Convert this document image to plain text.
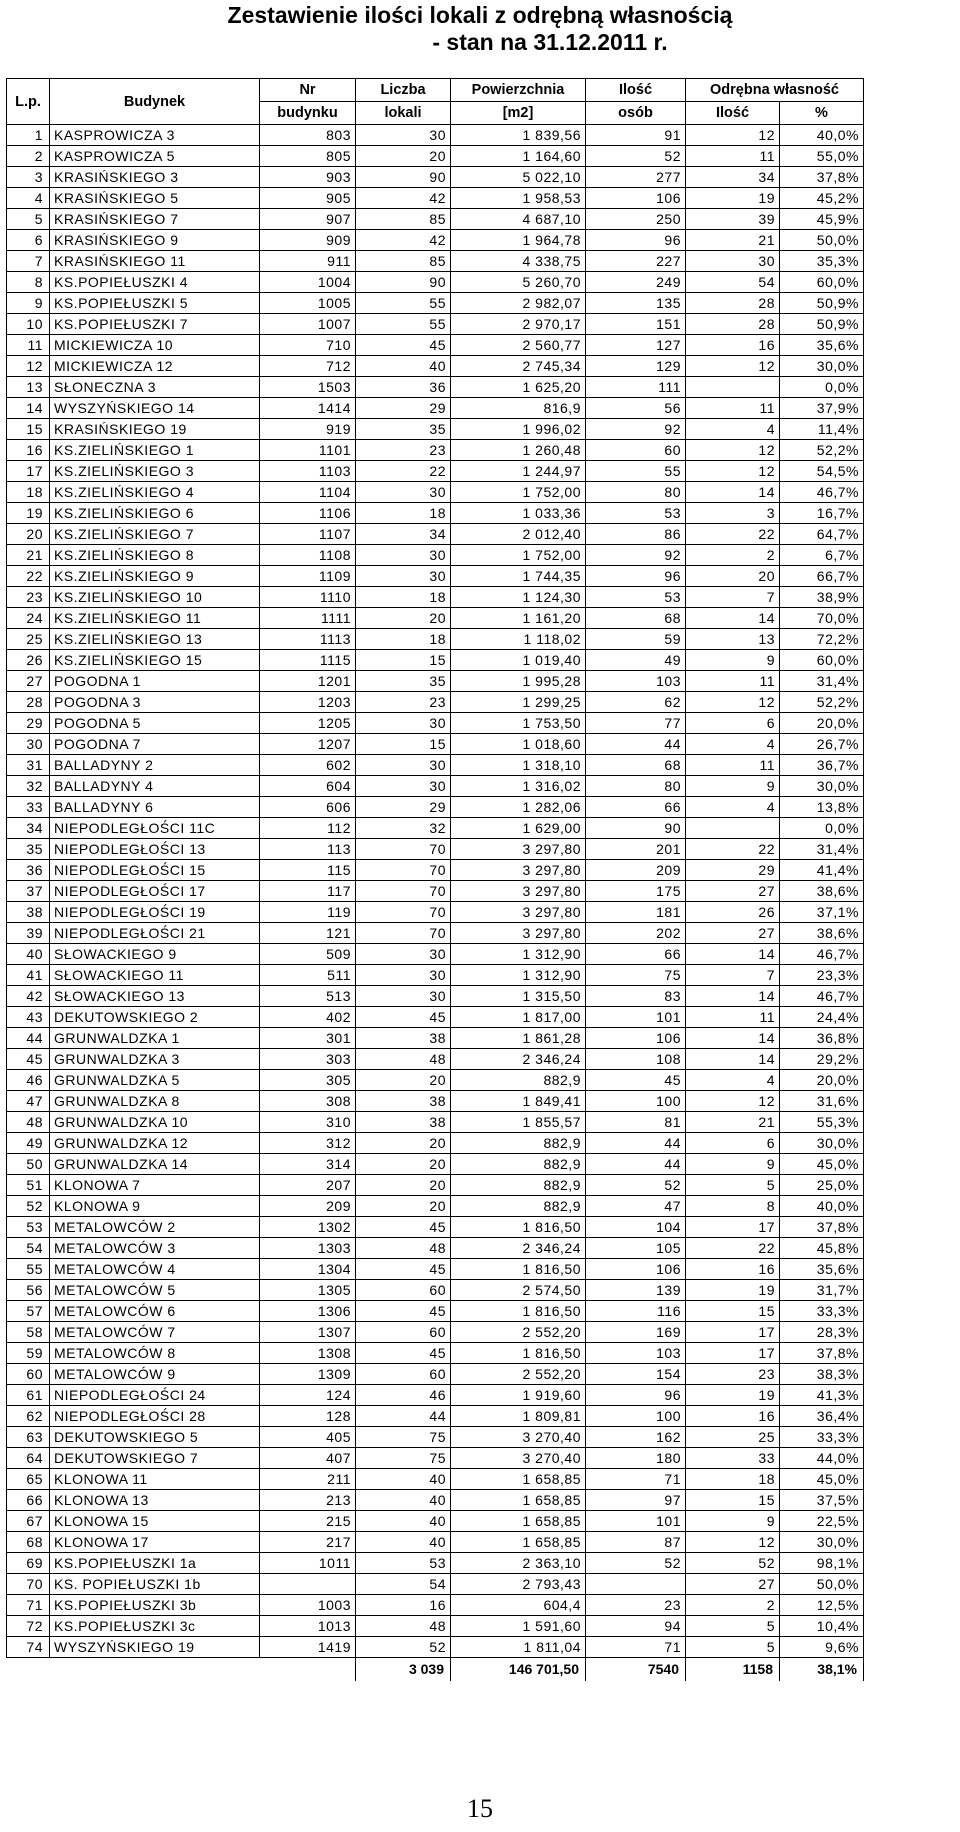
Zestawienie ilości lokali z odrębną własnością
- stan na 31.12.2011 r.
L.p.	Budynek	Nr	Liczba	Powierzchnia	Ilość	Odrębna własność	
		budynku	lokali	[m2]	osób	Ilość	%
1	KASPROWICZA 3	803	30	1 839,56	91	12	40,0%
2	KASPROWICZA 5	805	20	1 164,60	52	11	55,0%
3	KRASIŃSKIEGO 3	903	90	5 022,10	277	34	37,8%
4	KRASIŃSKIEGO 5	905	42	1 958,53	106	19	45,2%
5	KRASIŃSKIEGO 7	907	85	4 687,10	250	39	45,9%
6	KRASIŃSKIEGO 9	909	42	1 964,78	96	21	50,0%
7	KRASIŃSKIEGO 11	911	85	4 338,75	227	30	35,3%
8	KS.POPIEŁUSZKI 4	1004	90	5 260,70	249	54	60,0%
9	KS.POPIEŁUSZKI 5	1005	55	2 982,07	135	28	50,9%
10	KS.POPIEŁUSZKI 7	1007	55	2 970,17	151	28	50,9%
11	MICKIEWICZA 10	710	45	2 560,77	127	16	35,6%
12	MICKIEWICZA 12	712	40	2 745,34	129	12	30,0%
13	SŁONECZNA 3	1503	36	1 625,20	111		0,0%
14	WYSZYŃSKIEGO 14	1414	29	816,9	56	11	37,9%
15	KRASIŃSKIEGO 19	919	35	1 996,02	92	4	11,4%
16	KS.ZIELIŃSKIEGO 1	1101	23	1 260,48	60	12	52,2%
17	KS.ZIELIŃSKIEGO 3	1103	22	1 244,97	55	12	54,5%
18	KS.ZIELIŃSKIEGO 4	1104	30	1 752,00	80	14	46,7%
19	KS.ZIELIŃSKIEGO 6	1106	18	1 033,36	53	3	16,7%
20	KS.ZIELIŃSKIEGO 7	1107	34	2 012,40	86	22	64,7%
21	KS.ZIELIŃSKIEGO 8	1108	30	1 752,00	92	2	6,7%
22	KS.ZIELIŃSKIEGO 9	1109	30	1 744,35	96	20	66,7%
23	KS.ZIELIŃSKIEGO 10	1110	18	1 124,30	53	7	38,9%
24	KS.ZIELIŃSKIEGO 11	1111	20	1 161,20	68	14	70,0%
25	KS.ZIELIŃSKIEGO 13	1113	18	1 118,02	59	13	72,2%
26	KS.ZIELIŃSKIEGO 15	1115	15	1 019,40	49	9	60,0%
27	POGODNA 1	1201	35	1 995,28	103	11	31,4%
28	POGODNA 3	1203	23	1 299,25	62	12	52,2%
29	POGODNA 5	1205	30	1 753,50	77	6	20,0%
30	POGODNA 7	1207	15	1 018,60	44	4	26,7%
31	BALLADYNY 2	602	30	1 318,10	68	11	36,7%
32	BALLADYNY 4	604	30	1 316,02	80	9	30,0%
33	BALLADYNY 6	606	29	1 282,06	66	4	13,8%
34	NIEPODLEGŁOŚCI 11C	112	32	1 629,00	90		0,0%
35	NIEPODLEGŁOŚCI 13	113	70	3 297,80	201	22	31,4%
36	NIEPODLEGŁOŚCI 15	115	70	3 297,80	209	29	41,4%
37	NIEPODLEGŁOŚCI 17	117	70	3 297,80	175	27	38,6%
38	NIEPODLEGŁOŚCI 19	119	70	3 297,80	181	26	37,1%
39	NIEPODLEGŁOŚCI 21	121	70	3 297,80	202	27	38,6%
40	SŁOWACKIEGO 9	509	30	1 312,90	66	14	46,7%
41	SŁOWACKIEGO 11	511	30	1 312,90	75	7	23,3%
42	SŁOWACKIEGO 13	513	30	1 315,50	83	14	46,7%
43	DEKUTOWSKIEGO 2	402	45	1 817,00	101	11	24,4%
44	GRUNWALDZKA 1	301	38	1 861,28	106	14	36,8%
45	GRUNWALDZKA 3	303	48	2 346,24	108	14	29,2%
46	GRUNWALDZKA 5	305	20	882,9	45	4	20,0%
47	GRUNWALDZKA 8	308	38	1 849,41	100	12	31,6%
48	GRUNWALDZKA 10	310	38	1 855,57	81	21	55,3%
49	GRUNWALDZKA 12	312	20	882,9	44	6	30,0%
50	GRUNWALDZKA 14	314	20	882,9	44	9	45,0%
51	KLONOWA 7	207	20	882,9	52	5	25,0%
52	KLONOWA 9	209	20	882,9	47	8	40,0%
53	METALOWCÓW 2	1302	45	1 816,50	104	17	37,8%
54	METALOWCÓW 3	1303	48	2 346,24	105	22	45,8%
55	METALOWCÓW 4	1304	45	1 816,50	106	16	35,6%
56	METALOWCÓW 5	1305	60	2 574,50	139	19	31,7%
57	METALOWCÓW 6	1306	45	1 816,50	116	15	33,3%
58	METALOWCÓW 7	1307	60	2 552,20	169	17	28,3%
59	METALOWCÓW 8	1308	45	1 816,50	103	17	37,8%
60	METALOWCÓW 9	1309	60	2 552,20	154	23	38,3%
61	NIEPODLEGŁOŚCI 24	124	46	1 919,60	96	19	41,3%
62	NIEPODLEGŁOŚCI 28	128	44	1 809,81	100	16	36,4%
63	DEKUTOWSKIEGO 5	405	75	3 270,40	162	25	33,3%
64	DEKUTOWSKIEGO 7	407	75	3 270,40	180	33	44,0%
65	KLONOWA 11	211	40	1 658,85	71	18	45,0%
66	KLONOWA 13	213	40	1 658,85	97	15	37,5%
67	KLONOWA 15	215	40	1 658,85	101	9	22,5%
68	KLONOWA 17	217	40	1 658,85	87	12	30,0%
69	KS.POPIEŁUSZKI 1a	1011	53	2 363,10	52	52	98,1%
70	KS. POPIEŁUSZKI 1b		54	2 793,43		27	50,0%
71	KS.POPIEŁUSZKI 3b	1003	16	604,4	23	2	12,5%
72	KS.POPIEŁUSZKI 3c	1013	48	1 591,60	94	5	10,4%
74	WYSZYŃSKIEGO 19	1419	52	1 811,04	71	5	9,6%
			3 039	146 701,50	7540	1158	38,1%
15
